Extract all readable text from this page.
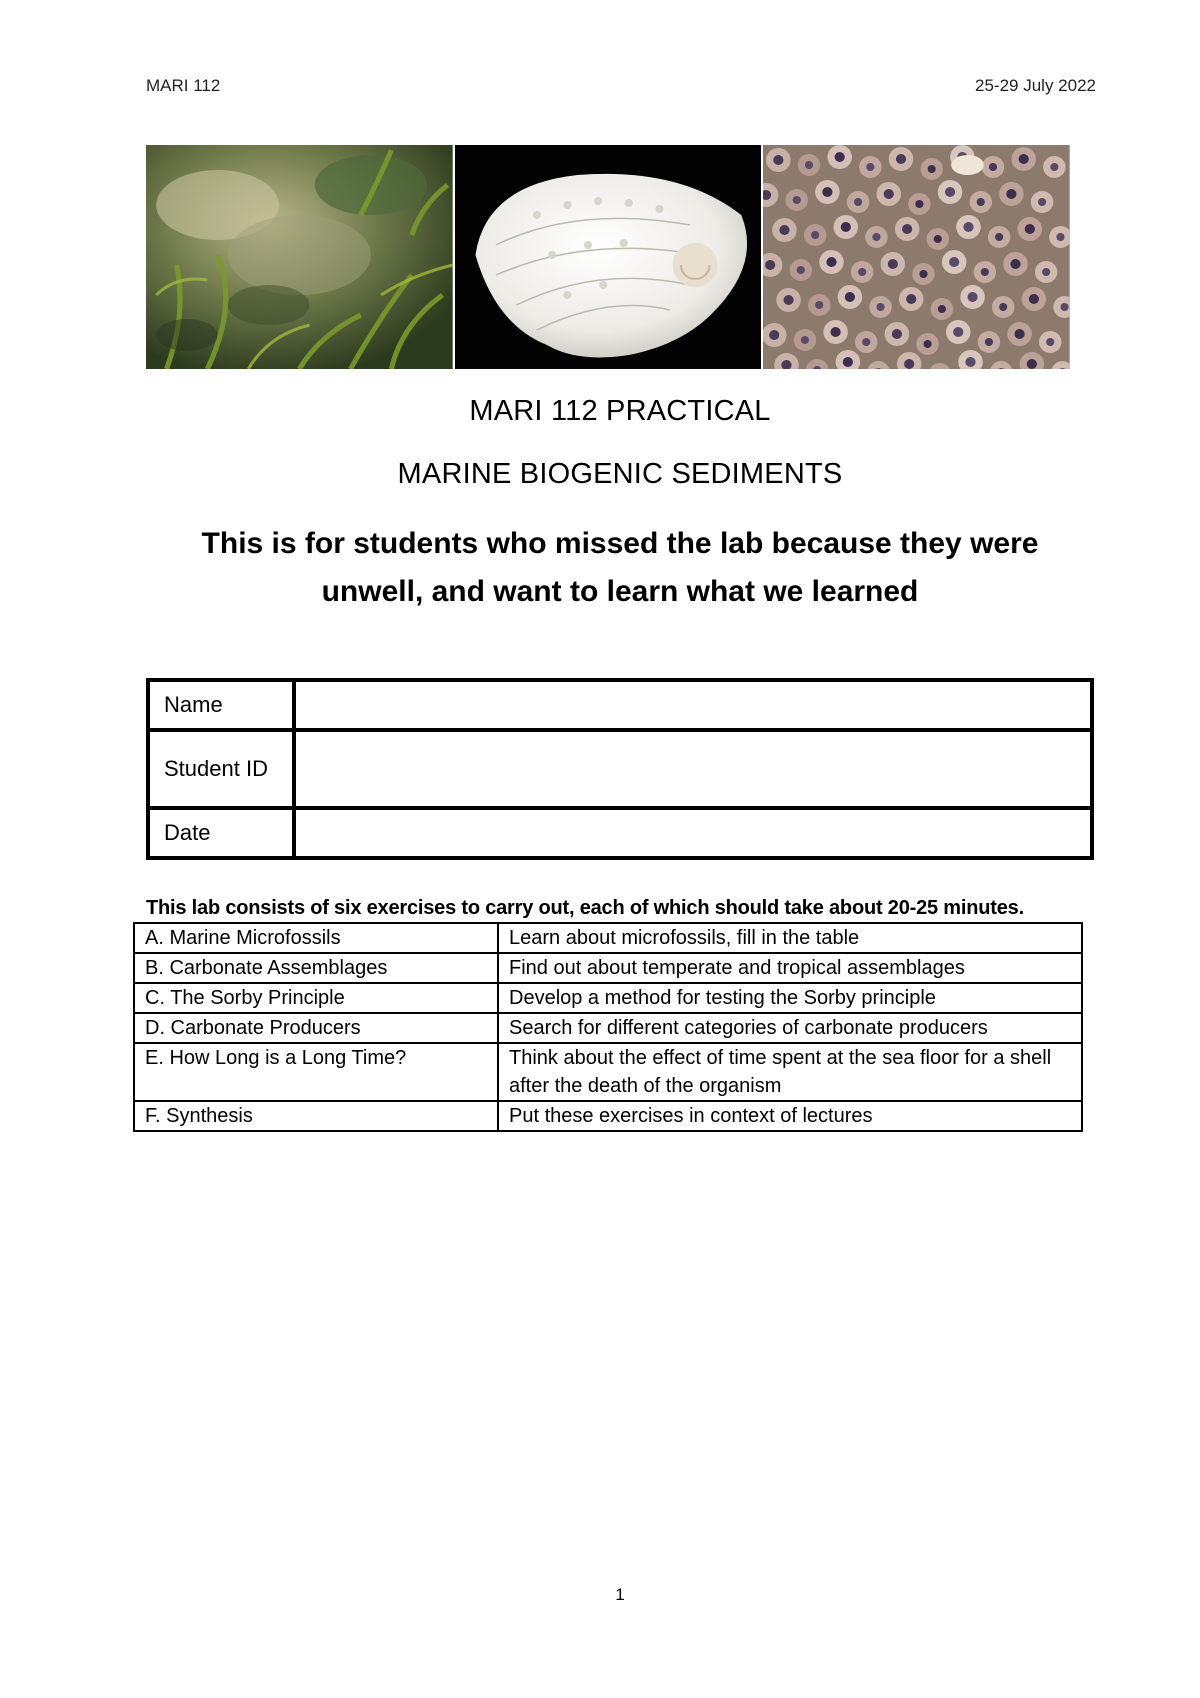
MARI 112	25-29 July 2022
MARI 112 PRACTICAL
MARINE BIOGENIC SEDIMENTS
This is for students who missed the lab because they were unwell, and want to learn what we learned
Name	
Student ID	
Date	
This lab consists of six exercises to carry out, each of which should take about 20-25 minutes.
A. Marine Microfossils	Learn about microfossils, fill in the table
B. Carbonate Assemblages	Find out about temperate and tropical assemblages
C. The Sorby Principle	Develop a method for testing the Sorby principle
D. Carbonate Producers	Search for different categories of carbonate producers
E. How Long is a Long Time?	Think about the effect of time spent at the sea floor for a shell after the death of the organism
F. Synthesis	Put these exercises in context of lectures
1
